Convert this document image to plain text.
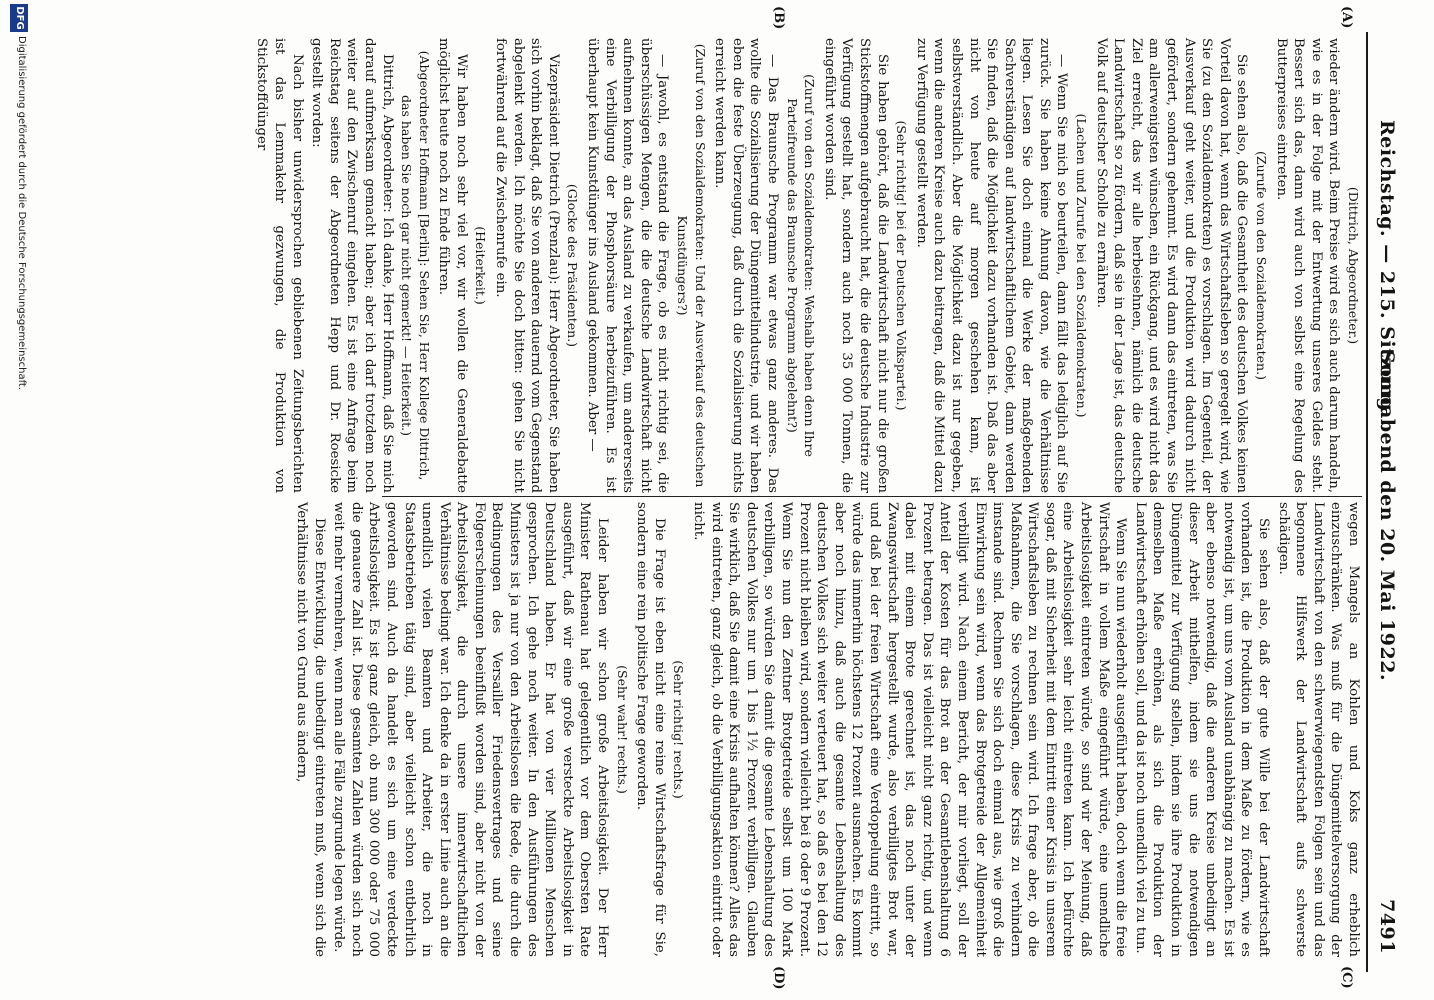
Reichstag. — 215. Sitzung.
Sonnabend den 20. Mai 1922.
7491
(A)
(B)
(C)
(D)

(Dittrich, Abgeordneter.)

wieder ändern wird. Beim Preise wird es sich auch darum handeln, wie es in der Folge mit der Entwertung unseres Geldes steht. Bessert sich das, dann wird auch von selbst eine Regelung des Butterpreises eintreten.

(Zurufe von den Sozialdemokraten.)

Sie sehen also, daß die Gesamtheit des deutschen Volkes keinen Vorteil davon hat, wenn das Wirtschaftsleben so geregelt wird, wie Sie (zu den Sozialdemokraten) es vorschlagen. Im Gegenteil, der Ausverkauf geht weiter, und die Produktion wird dadurch nicht gefördert, sondern gehemmt. Es wird dann das eintreten, was Sie am allerwenigsten wünschen, ein Rückgang, und es wird nicht das Ziel erreicht, das wir alle herbeisehnen, nämlich die deutsche Landwirtschaft so zu fördern, daß sie in der Lage ist, das deutsche Volk auf deutscher Scholle zu ernähren.

(Lachen und Zurufe bei den Sozialdemokraten.)

— Wenn Sie mich so beurteilen, dann fällt das lediglich auf Sie zurück. Sie haben keine Ahnung davon, wie die Verhältnisse liegen. Lesen Sie doch einmal die Werke der maßgebenden Sachverständigen auf landwirtschaftlichem Gebiet, dann werden Sie finden, daß die Möglichkeit dazu vorhanden ist. Daß das aber nicht von heute auf morgen geschehen kann, ist selbstverständlich. Aber die Möglichkeit dazu ist nur gegeben, wenn die anderen Kreise auch dazu beitragen, daß die Mittel dazu zur Verfügung gestellt werden.

(Sehr richtig! bei der Deutschen Volkspartei.)

Sie haben gehört, daß die Landwirtschaft nicht nur die großen Stickstoffmengen aufgebraucht hat, die die deutsche Industrie zur Verfügung gestellt hat, sondern auch noch 35 000 Tonnen, die eingeführt worden sind.

(Zuruf von den Sozialdemokraten: Weshalb haben denn Ihre Parteifreunde das Braunsche Programm abgelehnt?)

— Das Braunsche Programm war etwas ganz anderes. Das wollte die Sozialisierung der Düngemittelindustrie, und wir haben eben die feste Überzeugung, daß durch die Sozialisierung nichts erreicht werden kann.

(Zuruf von den Sozialdemokraten: Und der Ausverkauf des deutschen Kunstdüngers?)

— Jawohl, es entstand die Frage, ob es nicht richtig sei, die überschüssigen Mengen, die die deutsche Landwirtschaft nicht aufnehmen konnte, an das Ausland zu verkaufen, um andererseits eine Verbilligung der Phosphorsäure herbeizuführen. Es ist überhaupt kein Kunstdünger ins Ausland gekommen. Aber —

(Glocke des Präsidenten.)

Vizepräsident Dietrich (Prenzlau): Herr Abgeordneter, Sie haben sich vorhin beklagt, daß Sie von anderen dauernd vom Gegenstand abgelenkt werden. Ich möchte Sie doch bitten: gehen Sie nicht fortwährend auf die Zwischenrufe ein.

(Heiterkeit.)

Wir haben noch sehr viel vor, wir wollen die Generaldebatte möglichst heute noch zu Ende führen.

(Abgeordneter Hoffmann [Berlin]: Sehen Sie, Herr Kollege Dittrich, das haben Sie noch gar nicht gemerkt! — Heiterkeit.)

Dittrich, Abgeordneter: Ich danke, Herr Hoffmann, daß Sie mich darauf aufmerksam gemacht haben; aber ich darf trotzdem noch weiter auf den Zwischenruf eingehen. Es ist eine Anfrage beim Reichstag seitens der Abgeordneten Hepp und Dr. Roesicke gestellt worden:

Nach bisher unwidersprochen gebliebenen Zeitungsberichten ist das Lemmakehr gezwungen, die Produktion von Stickstoffdünger

wegen Mangels an Kohlen und Koks ganz erheblich einzuschränken. Was muß für die Düngemittelversorgung der Landwirtschaft von den schwerwiegendsten Folgen sein und das begonnene Hilfswerk der Landwirtschaft aufs schwerste schädigen.

Sie sehen also, daß der gute Wille bei der Landwirtschaft vorhanden ist, die Produktion in dem Maße zu fördern, wie es notwendig ist, um uns vom Ausland unabhängig zu machen. Es ist aber ebenso notwendig, daß die anderen Kreise unbedingt an dieser Arbeit mithelfen, indem sie uns die notwendigen Düngemittel zur Verfügung stellen, indem sie ihre Produktion in demselben Maße erhöhen, als sich die Produktion der Landwirtschaft erhöhen soll, und da ist noch unendlich viel zu tun.

Wenn Sie nun wiederholt ausgeführt haben, doch wenn die freie Wirtschaft in vollem Maße eingeführt würde, eine unendliche Arbeitslosigkeit eintreten würde, so sind wir der Meinung, daß eine Arbeitslosigkeit sehr leicht eintreten kann. Ich befürchte sogar, daß mit Sicherheit mit dem Eintritt einer Krisis in unserem Wirtschaftsleben zu rechnen sein wird. Ich frage aber, ob die Maßnahmen, die Sie vorschlagen, diese Krisis zu verhindern imstande sind. Rechnen Sie sich doch einmal aus, wie groß die Einwirkung sein wird, wenn das Brotgetreide der Allgemeinheit verbilligt wird. Nach einem Bericht, der mir vorliegt, soll der Anteil der Kosten für das Brot an der Gesamtlebenshaltung 6 Prozent betragen. Das ist vielleicht nicht ganz richtig, und wenn dabei mit einem Brote gerechnet ist, das noch unter der Zwangswirtschaft hergestellt wurde, also verbilligtes Brot war, und daß bei der freien Wirtschaft eine Verdoppelung eintritt, so würde das immerhin höchstens 12 Prozent ausmachen. Es kommt aber noch hinzu, daß auch die gesamte Lebenshaltung des deutschen Volkes sich weiter verteuert hat, so daß es bei den 12 Prozent nicht bleiben wird, sondern vielleicht bei 8 oder 9 Prozent. Wenn Sie nun den Zentner Brotgetreide selbst um 100 Mark verbilligen, so würden Sie damit die gesamte Lebenshaltung des deutschen Volkes nur um 1 bis 1½ Prozent verbilligen. Glauben Sie wirklich, daß Sie damit eine Krisis aufhalten können? Alles das wird eintreten, ganz gleich, ob die Verbilligungsaktion eintritt oder nicht.

(Sehr richtig! rechts.)

Die Frage ist eben nicht eine reine Wirtschaftsfrage für Sie, sondern eine rein politische Frage geworden.

(Sehr wahr! rechts.)

Leider haben wir schon große Arbeitslosigkeit. Der Herr Minister Rathenau hat gelegentlich vor dem Obersten Rate ausgeführt, daß wir eine große versteckte Arbeitslosigkeit in Deutschland haben. Er hat von vier Millionen Menschen gesprochen. Ich gehe noch weiter. In den Ausführungen des Ministers ist ja nur von den Arbeitslosen die Rede, die durch die Bedingungen des Versailler Friedensvertrages und seine Folgeerscheinungen beeinflußt worden sind, aber nicht von der Arbeitslosigkeit, die durch unsere innerwirtschaftlichen Verhältnisse bedingt war. Ich denke da in erster Linie auch an die unendlich vielen Beamten und Arbeiter, die noch in Staatsbetrieben tätig sind, aber vielleicht schon entbehrlich geworden sind. Auch da handelt es sich um eine verdeckte Arbeitslosigkeit. Es ist ganz gleich, ob nun 300 000 oder 75 000 die genauere Zahl ist. Diese gesamten Zahlen würden sich noch weit mehr vermehren, wenn man alle Fälle zugrunde legen würde.

Diese Entwicklung, die unbedingt eintreten muß, wenn sich die Verhältnisse nicht von Grund aus ändern,

DFG
Digitalisierung gefördert durch die Deutsche Forschungsgemeinschaft.
